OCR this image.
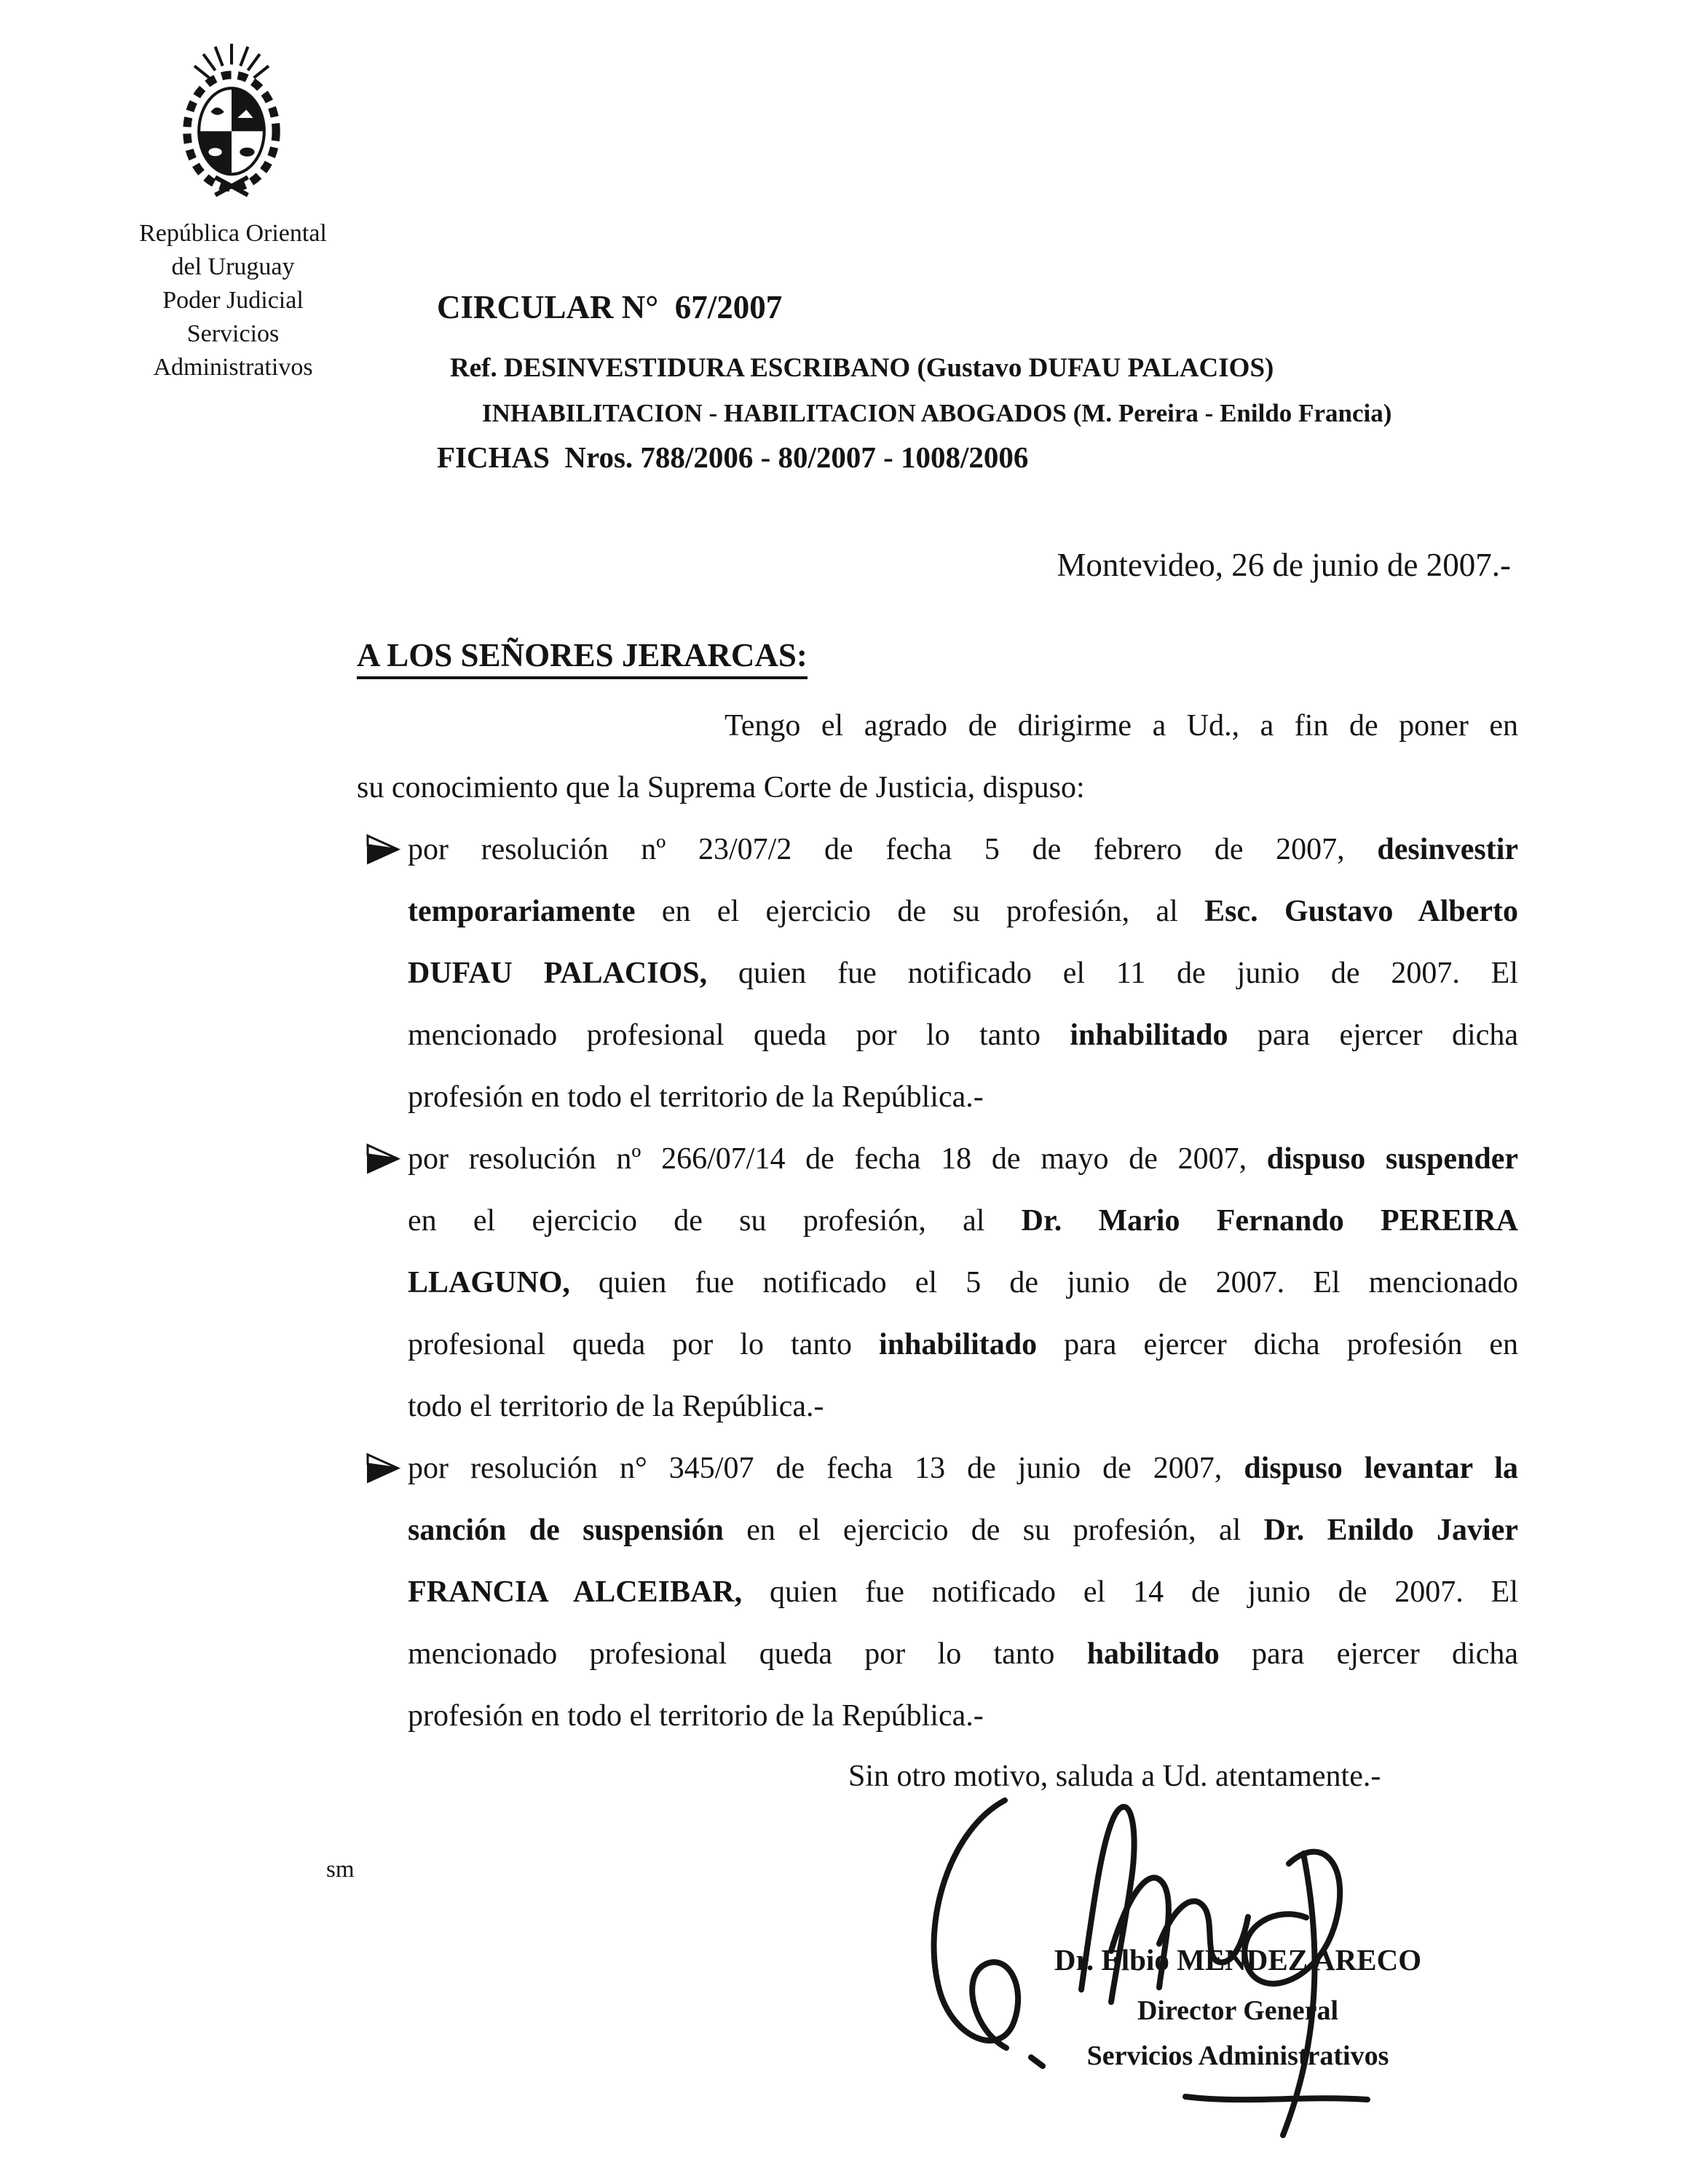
República Oriental
del Uruguay
Poder Judicial
Servicios
Administrativos
CIRCULAR N°  67/2007
Ref. DESINVESTIDURA ESCRIBANO (Gustavo DUFAU PALACIOS)
INHABILITACION - HABILITACION ABOGADOS (M. Pereira - Enildo Francia)
FICHAS  Nros. 788/2006 - 80/2007 - 1008/2006
Montevideo, 26 de junio de 2007.-
A LOS SEÑORES JERARCAS:
Tengo el agrado de dirigirme a Ud., a fin de poner en
su conocimiento que la Suprema Corte de Justicia, dispuso:
por resolución nº 23/07/2 de fecha 5 de febrero de 2007, desinvestir
temporariamente en el ejercicio de su profesión, al Esc. Gustavo Alberto
DUFAU PALACIOS, quien fue notificado el 11 de junio de 2007. El
mencionado profesional queda por lo tanto inhabilitado para ejercer dicha
profesión en todo el territorio de la República.-
por resolución nº 266/07/14 de fecha 18 de mayo de 2007, dispuso suspender
en el ejercicio de su profesión, al Dr. Mario Fernando PEREIRA
LLAGUNO, quien fue notificado el 5 de junio de 2007. El mencionado
profesional queda por lo tanto inhabilitado para ejercer dicha profesión en
todo el territorio de la República.-
por resolución n° 345/07 de fecha 13 de junio de 2007, dispuso levantar la
sanción de suspensión en el ejercicio de su profesión, al Dr. Enildo Javier
FRANCIA ALCEIBAR, quien fue notificado el 14 de junio de 2007. El
mencionado profesional queda por lo tanto habilitado para ejercer dicha
profesión en todo el territorio de la República.-
Sin otro motivo, saluda a Ud. atentamente.-
sm
Dr. Elbio MENDEZ ARECO
Director General
Servicios Administrativos
